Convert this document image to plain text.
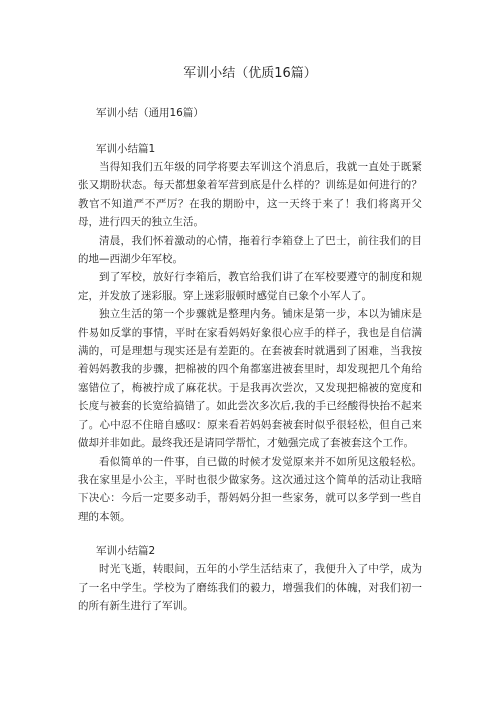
军训小结（优质16篇）
军训小结（通用16篇）
军训小结篇1

当得知我们五年级的同学将要去军训这个消息后，我就一直处于既紧张又期盼状态。每天都想象着军营到底是什么样的？训练是如何进行的？教官不知道严不严厉？在我的期盼中，这一天终于来了！我们将离开父母，进行四天的独立生活。

清晨，我们怀着激动的心情，拖着行李箱登上了巴士，前往我们的目的地—西湖少年军校。

到了军校，放好行李箱后，教官给我们讲了在军校要遵守的制度和规定，并发放了迷彩服。穿上迷彩服顿时感觉自已象个小军人了。

独立生活的第一个步骤就是整理内务。铺床是第一步，本以为铺床是件易如反掌的事情，平时在家看妈妈好象很心应手的样子，我也是自信满满的，可是理想与现实还是有差距的。在套被套时就遇到了困难，当我按着妈妈教我的步骤，把棉被的四个角都塞进被套里时，却发现把几个角给塞错位了，梅被拧成了麻花状。于是我再次尝次，又发现把棉被的宽度和长度与被套的长宽给搞错了。如此尝次多次后,我的手已经酸得快抬不起来了。心中忍不住暗自感叹：原来看若妈妈套被套时似乎很轻松，但自己来做却并非如此。最终我还是请同学帮忙，才勉强完成了套被套这个工作。

看似简单的一件事，自已做的时候才发觉原来并不如所见这般轻松。我在家里是小公主，平时也很少做家务。这次通过这个简单的活动让我暗下决心：今后一定要多动手，帮妈妈分担一些家务，就可以多学到一些自理的本领。

军训小结篇2

时光飞逝，转眼间，五年的小学生活结束了，我便升入了中学，成为了一名中学生。学校为了磨练我们的毅力，增强我们的体魄，对我们初一的所有新生进行了军训。
